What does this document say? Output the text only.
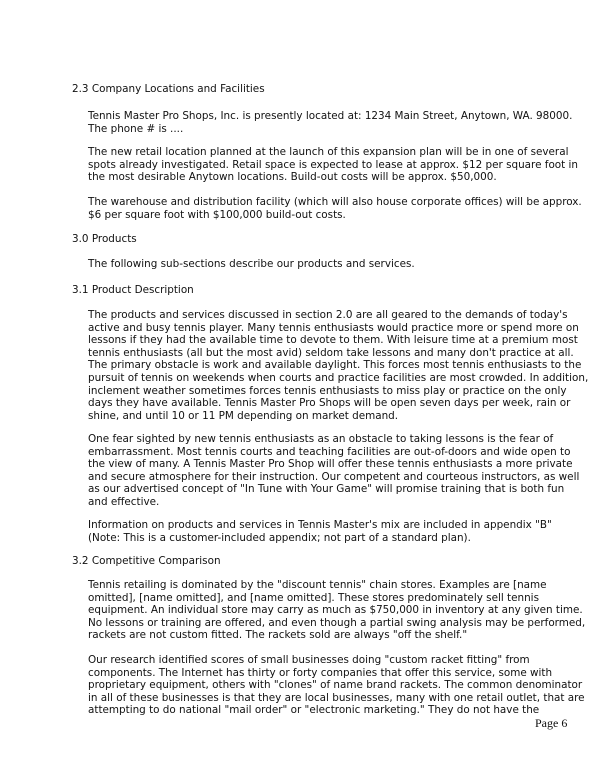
2.3 Company Locations and Facilities
Tennis Master Pro Shops, Inc. is presently located at: 1234 Main Street, Anytown, WA. 98000.
The phone # is ....
The new retail location planned at the launch of this expansion plan will be in one of several
spots already investigated. Retail space is expected to lease at approx. $12 per square foot in
the most desirable Anytown locations. Build-out costs will be approx. $50,000.
The warehouse and distribution facility (which will also house corporate offices) will be approx.
$6 per square foot with $100,000 build-out costs.
3.0 Products
The following sub-sections describe our products and services.
3.1 Product Description
The products and services discussed in section 2.0 are all geared to the demands of today's
active and busy tennis player. Many tennis enthusiasts would practice more or spend more on
lessons if they had the available time to devote to them. With leisure time at a premium most
tennis enthusiasts (all but the most avid) seldom take lessons and many don't practice at all.
The primary obstacle is work and available daylight. This forces most tennis enthusiasts to the
pursuit of tennis on weekends when courts and practice facilities are most crowded. In addition,
inclement weather sometimes forces tennis enthusiasts to miss play or practice on the only
days they have available. Tennis Master Pro Shops will be open seven days per week, rain or
shine, and until 10 or 11 PM depending on market demand.
One fear sighted by new tennis enthusiasts as an obstacle to taking lessons is the fear of
embarrassment. Most tennis courts and teaching facilities are out-of-doors and wide open to
the view of many. A Tennis Master Pro Shop will offer these tennis enthusiasts a more private
and secure atmosphere for their instruction. Our competent and courteous instructors, as well
as our advertised concept of "In Tune with Your Game" will promise training that is both fun
and effective.
Information on products and services in Tennis Master's mix are included in appendix "B"
(Note: This is a customer-included appendix; not part of a standard plan).
3.2 Competitive Comparison
Tennis retailing is dominated by the "discount tennis" chain stores. Examples are [name
omitted], [name omitted], and [name omitted]. These stores predominately sell tennis
equipment. An individual store may carry as much as $750,000 in inventory at any given time.
No lessons or training are offered, and even though a partial swing analysis may be performed,
rackets are not custom fitted. The rackets sold are always "off the shelf."
Our research identified scores of small businesses doing "custom racket fitting" from
components. The Internet has thirty or forty companies that offer this service, some with
proprietary equipment, others with "clones" of name brand rackets. The common denominator
in all of these businesses is that they are local businesses, many with one retail outlet, that are
attempting to do national "mail order" or "electronic marketing." They do not have the
Page 6
